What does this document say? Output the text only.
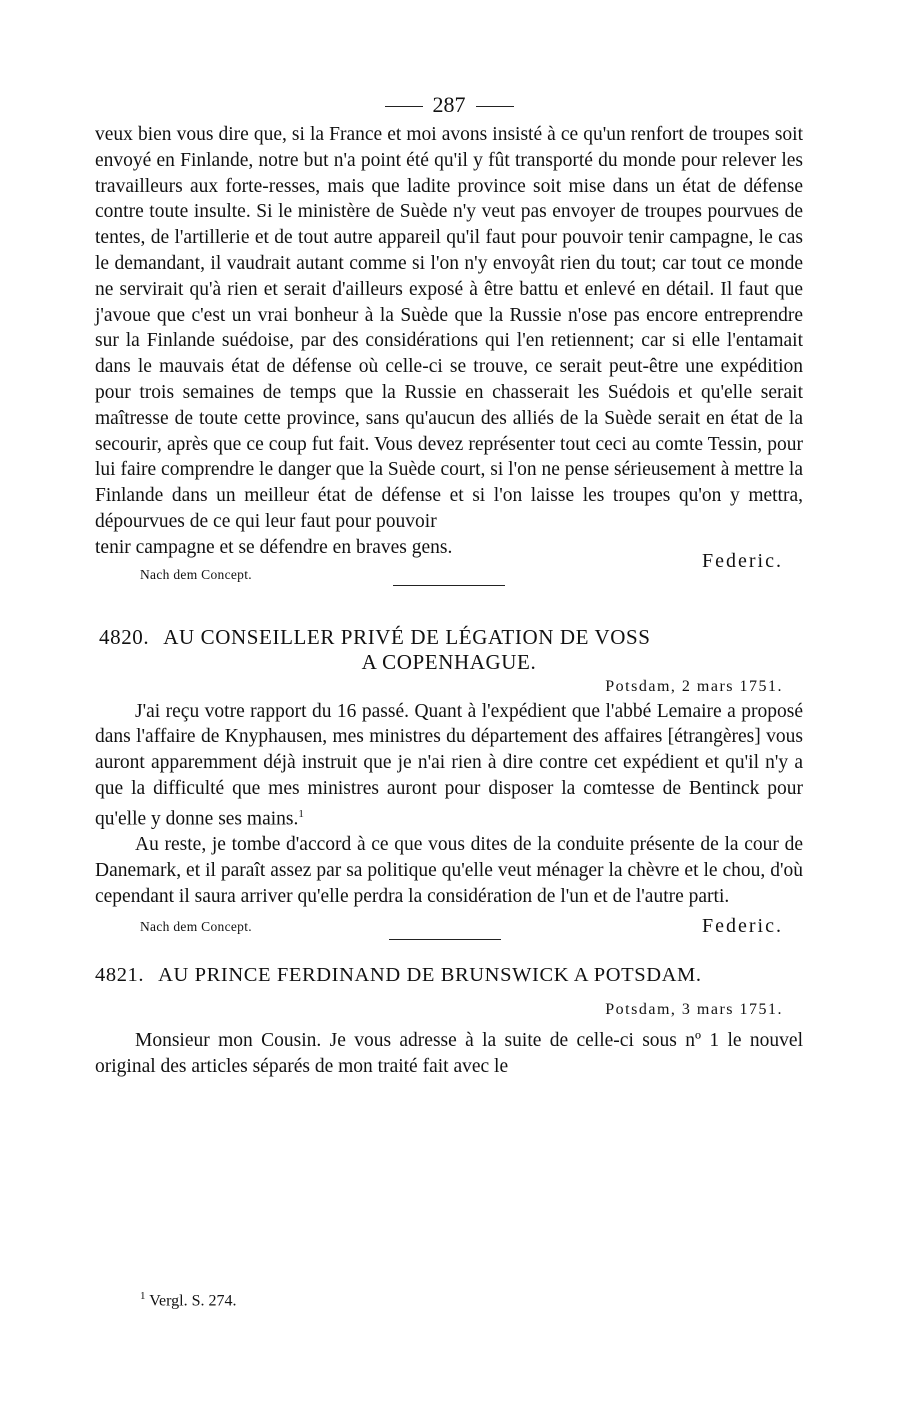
287

veux bien vous dire que, si la France et moi avons insisté à ce qu'un renfort de troupes soit envoyé en Finlande, notre but n'a point été qu'il y fût transporté du monde pour relever les travailleurs aux forte-resses, mais que ladite province soit mise dans un état de défense contre toute insulte. Si le ministère de Suède n'y veut pas envoyer de troupes pourvues de tentes, de l'artillerie et de tout autre appareil qu'il faut pour pouvoir tenir campagne, le cas le demandant, il vaudrait autant comme si l'on n'y envoyât rien du tout; car tout ce monde ne servirait qu'à rien et serait d'ailleurs exposé à être battu et enlevé en détail. Il faut que j'avoue que c'est un vrai bonheur à la Suède que la Russie n'ose pas encore entreprendre sur la Finlande suédoise, par des considérations qui l'en retiennent; car si elle l'entamait dans le mauvais état de défense où celle-ci se trouve, ce serait peut-être une expédition pour trois semaines de temps que la Russie en chasserait les Suédois et qu'elle serait maîtresse de toute cette province, sans qu'aucun des alliés de la Suède serait en état de la secourir, après que ce coup fut fait. Vous devez représenter tout ceci au comte Tessin, pour lui faire comprendre le danger que la Suède court, si l'on ne pense sérieusement à mettre la Finlande dans un meilleur état de défense et si l'on laisse les troupes qu'on y mettra, dépourvues de ce qui leur faut pour pouvoir

tenir campagne et se défendre en braves gens.
Federic.
Nach dem Concept.
4820. AU CONSEILLER PRIVÉ DE LÉGATION DE VOSS
A COPENHAGUE.
Potsdam, 2 mars 1751.

J'ai reçu votre rapport du 16 passé. Quant à l'expédient que l'abbé Lemaire a proposé dans l'affaire de Knyphausen, mes ministres du département des affaires [étrangères] vous auront apparemment déjà instruit que je n'ai rien à dire contre cet expédient et qu'il n'y a que la difficulté que mes ministres auront pour disposer la comtesse de Bentinck pour qu'elle y donne ses mains.$^1$

Au reste, je tombe d'accord à ce que vous dites de la conduite présente de la cour de Danemark, et il paraît assez par sa politique qu'elle veut ménager la chèvre et le chou, d'où cependant il saura arriver qu'elle perdra la considération de l'un et de l'autre parti.

Nach dem Concept.	Federic.
4821. AU PRINCE FERDINAND DE BRUNSWICK A POTSDAM.
Potsdam, 3 mars 1751.

Monsieur mon Cousin. Je vous adresse à la suite de celle-ci sous nº 1 le nouvel original des articles séparés de mon traité fait avec le

$^1$ Vergl. S. 274.
